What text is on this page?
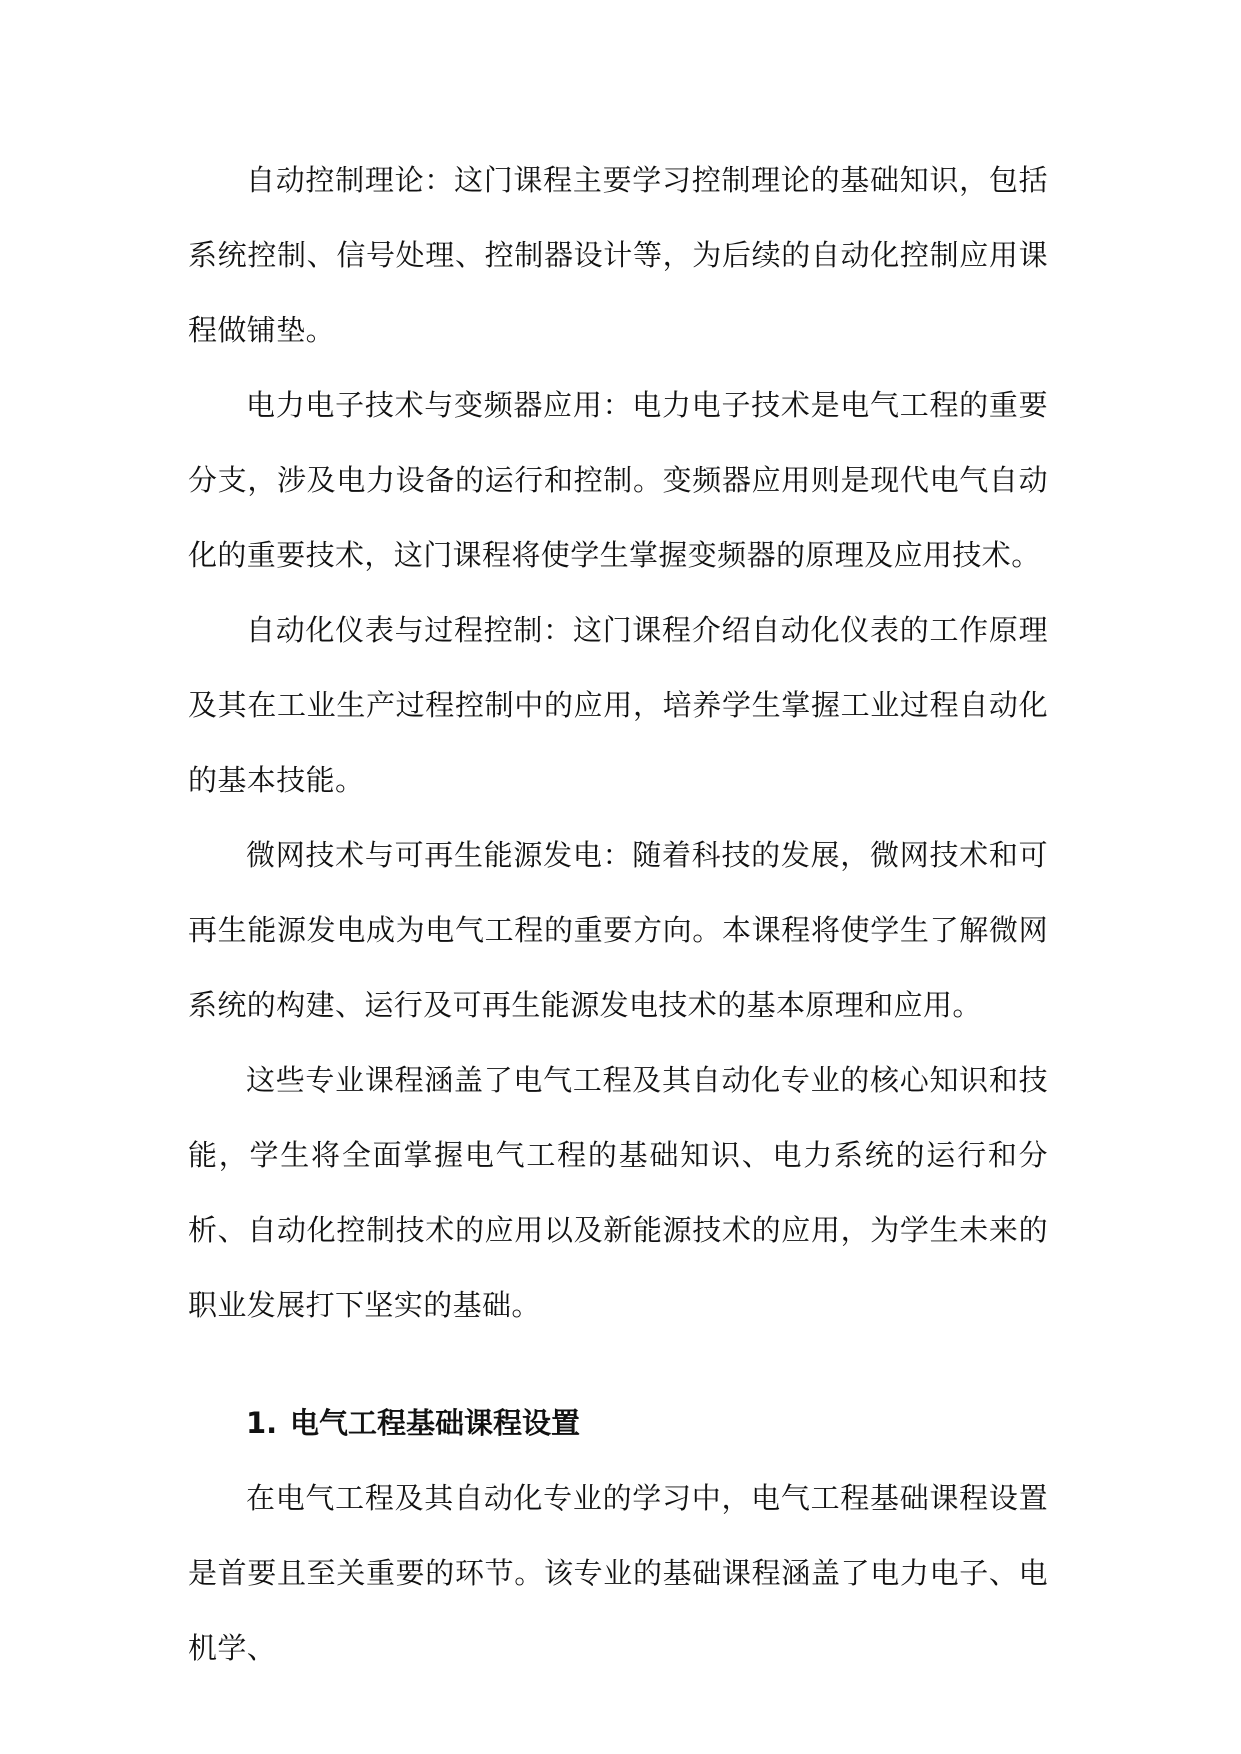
自动控制理论：这门课程主要学习控制理论的基础知识，包括系统控制、信号处理、控制器设计等，为后续的自动化控制应用课程做铺垫。

电力电子技术与变频器应用：电力电子技术是电气工程的重要分支，涉及电力设备的运行和控制。变频器应用则是现代电气自动化的重要技术，这门课程将使学生掌握变频器的原理及应用技术。

自动化仪表与过程控制：这门课程介绍自动化仪表的工作原理及其在工业生产过程控制中的应用，培养学生掌握工业过程自动化的基本技能。

微网技术与可再生能源发电：随着科技的发展，微网技术和可再生能源发电成为电气工程的重要方向。本课程将使学生了解微网系统的构建、运行及可再生能源发电技术的基本原理和应用。

这些专业课程涵盖了电气工程及其自动化专业的核心知识和技能，学生将全面掌握电气工程的基础知识、电力系统的运行和分析、自动化控制技术的应用以及新能源技术的应用，为学生未来的职业发展打下坚实的基础。

1. 电气工程基础课程设置

在电气工程及其自动化专业的学习中，电气工程基础课程设置是首要且至关重要的环节。该专业的基础课程涵盖了电力电子、电机学、
